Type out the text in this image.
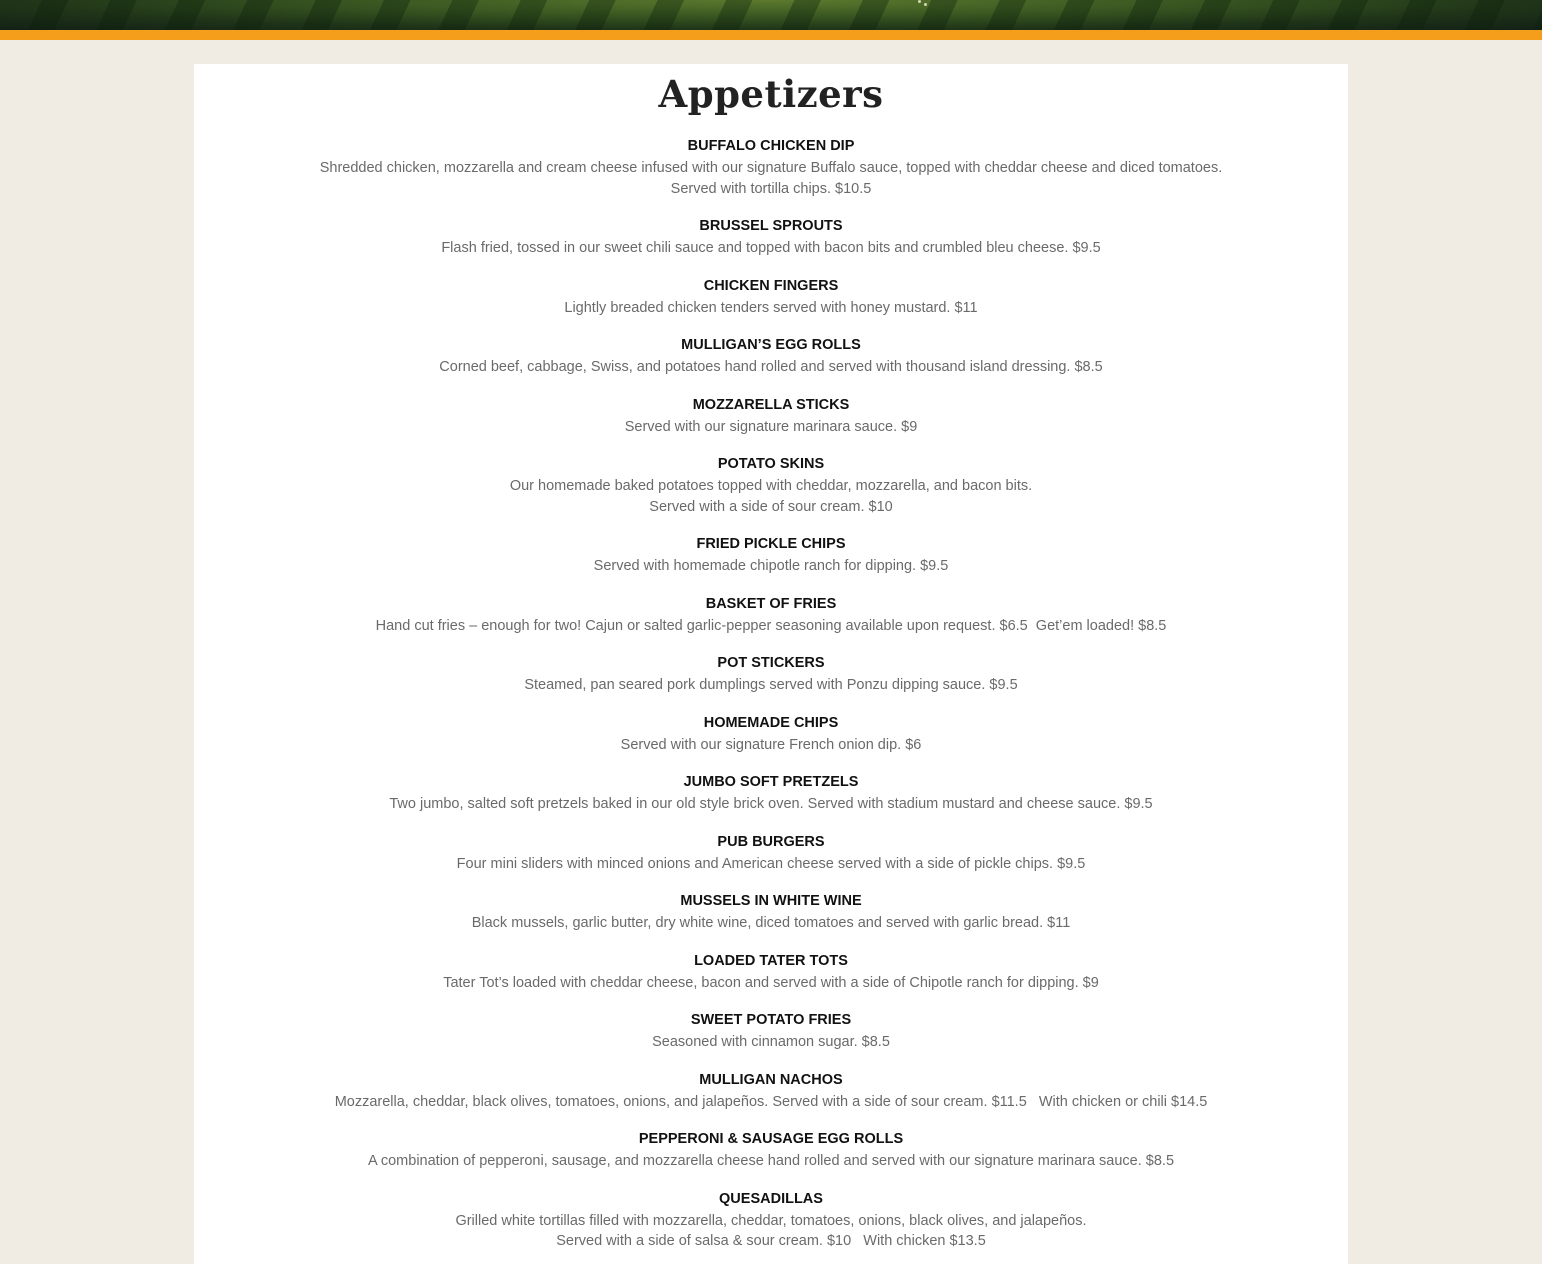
Appetizers
BUFFALO CHICKEN DIP
Shredded chicken, mozzarella and cream cheese infused with our signature Buffalo sauce, topped with cheddar cheese and diced tomatoes.
Served with tortilla chips. $10.5
BRUSSEL SPROUTS
Flash fried, tossed in our sweet chili sauce and topped with bacon bits and crumbled bleu cheese. $9.5
CHICKEN FINGERS
Lightly breaded chicken tenders served with honey mustard. $11
MULLIGAN’S EGG ROLLS
Corned beef, cabbage, Swiss, and potatoes hand rolled and served with thousand island dressing. $8.5
MOZZARELLA STICKS
Served with our signature marinara sauce. $9
POTATO SKINS
Our homemade baked potatoes topped with cheddar, mozzarella, and bacon bits.
Served with a side of sour cream. $10
FRIED PICKLE CHIPS
Served with homemade chipotle ranch for dipping. $9.5
BASKET OF FRIES
Hand cut fries – enough for two! Cajun or salted garlic-pepper seasoning available upon request. $6.5  Get’em loaded! $8.5
POT STICKERS
Steamed, pan seared pork dumplings served with Ponzu dipping sauce. $9.5
HOMEMADE CHIPS
Served with our signature French onion dip. $6
JUMBO SOFT PRETZELS
Two jumbo, salted soft pretzels baked in our old style brick oven. Served with stadium mustard and cheese sauce. $9.5
PUB BURGERS
Four mini sliders with minced onions and American cheese served with a side of pickle chips. $9.5
MUSSELS IN WHITE WINE
Black mussels, garlic butter, dry white wine, diced tomatoes and served with garlic bread. $11
LOADED TATER TOTS
Tater Tot’s loaded with cheddar cheese, bacon and served with a side of Chipotle ranch for dipping. $9
SWEET POTATO FRIES
Seasoned with cinnamon sugar. $8.5
MULLIGAN NACHOS
Mozzarella, cheddar, black olives, tomatoes, onions, and jalapeños. Served with a side of sour cream. $11.5   With chicken or chili $14.5
PEPPERONI & SAUSAGE EGG ROLLS
A combination of pepperoni, sausage, and mozzarella cheese hand rolled and served with our signature marinara sauce. $8.5
QUESADILLAS
Grilled white tortillas filled with mozzarella, cheddar, tomatoes, onions, black olives, and jalapeños.
Served with a side of salsa & sour cream. $10   With chicken $13.5
